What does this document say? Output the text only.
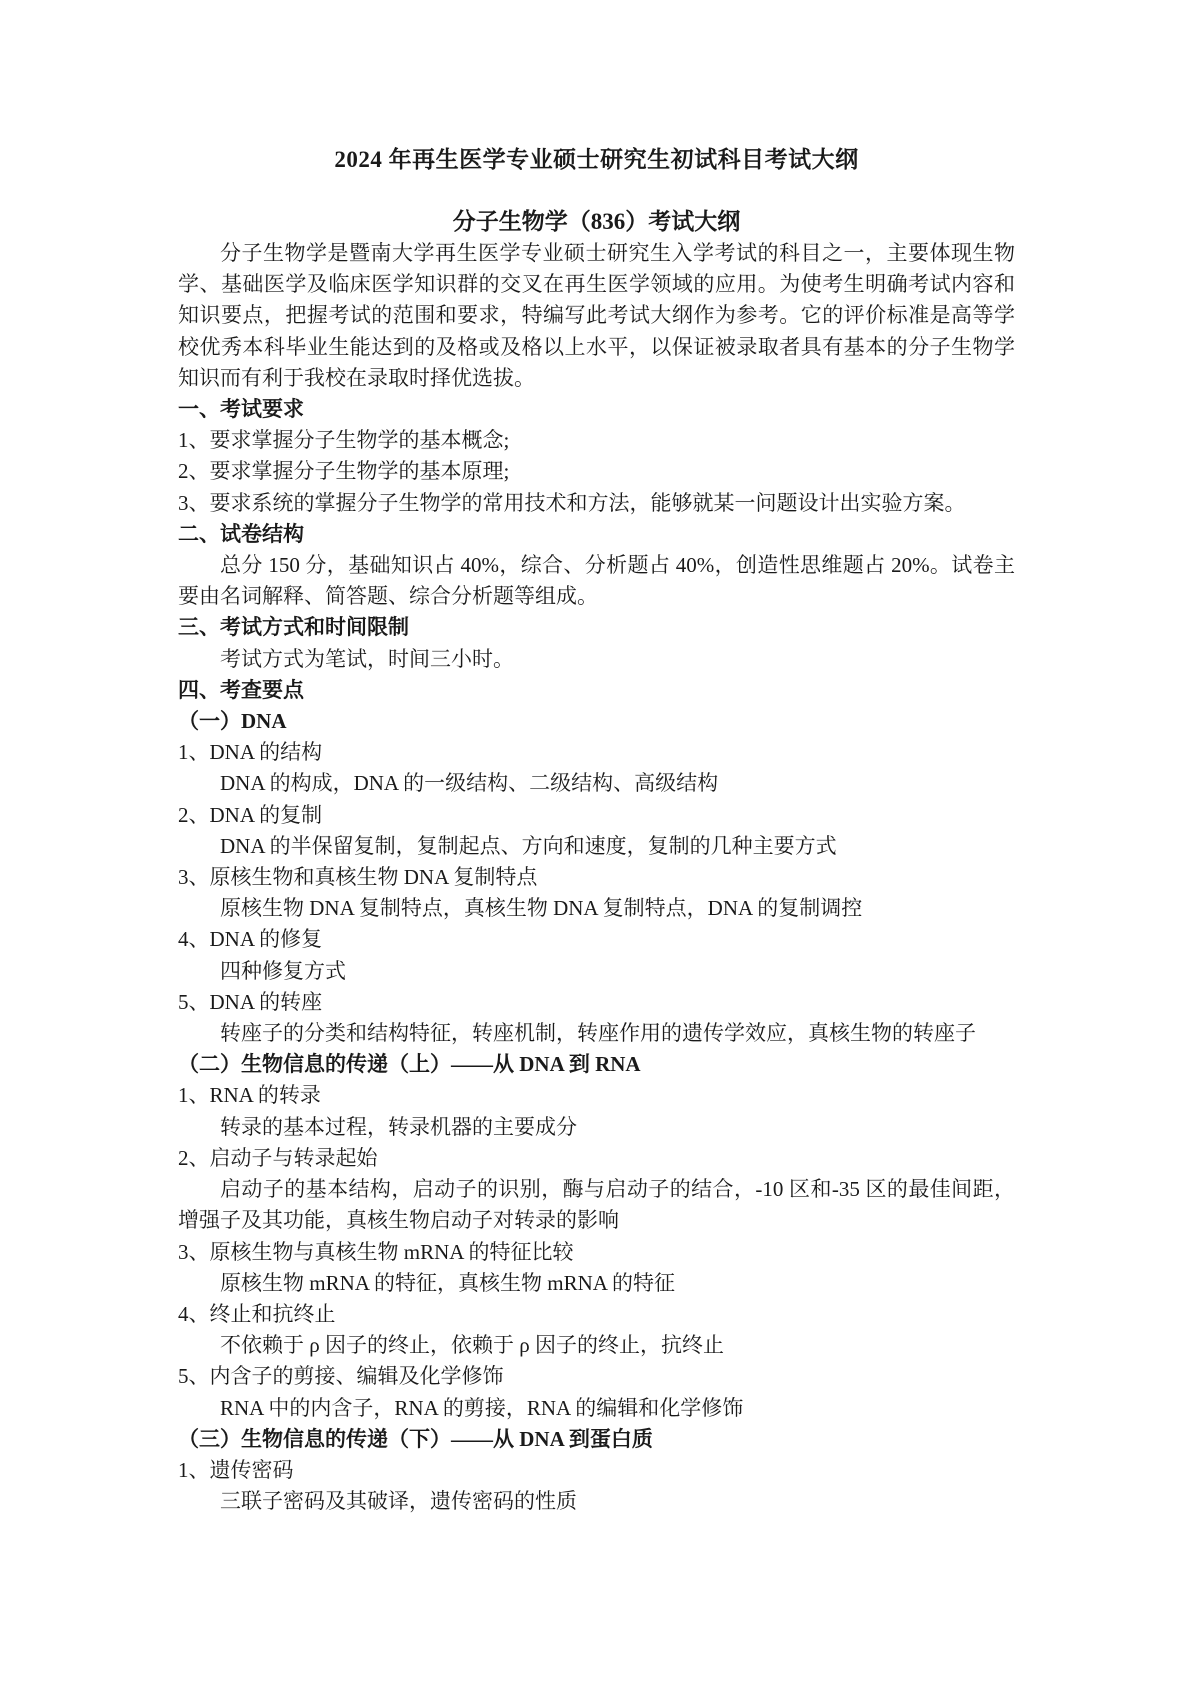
2024 年再生医学专业硕士研究生初试科目考试大纲
分子生物学（836）考试大纲

分子生物学是暨南大学再生医学专业硕士研究生入学考试的科目之一，主要体现生物学、基础医学及临床医学知识群的交叉在再生医学领域的应用。为使考生明确考试内容和知识要点，把握考试的范围和要求，特编写此考试大纲作为参考。它的评价标准是高等学校优秀本科毕业生能达到的及格或及格以上水平，以保证被录取者具有基本的分子生物学知识而有利于我校在录取时择优选拔。

一、考试要求
1、要求掌握分子生物学的基本概念;
2、要求掌握分子生物学的基本原理;
3、要求系统的掌握分子生物学的常用技术和方法，能够就某一问题设计出实验方案。
二、试卷结构
总分 150 分，基础知识占 40%，综合、分析题占 40%，创造性思维题占 20%。试卷主要由名词解释、简答题、综合分析题等组成。
三、考试方式和时间限制
考试方式为笔试，时间三小时。
四、考查要点
（一）DNA
1、DNA 的结构
DNA 的构成，DNA 的一级结构、二级结构、高级结构
2、DNA 的复制
DNA 的半保留复制，复制起点、方向和速度，复制的几种主要方式
3、原核生物和真核生物 DNA 复制特点
原核生物 DNA 复制特点，真核生物 DNA 复制特点，DNA 的复制调控
4、DNA 的修复
四种修复方式
5、DNA 的转座
转座子的分类和结构特征，转座机制，转座作用的遗传学效应，真核生物的转座子
（二）生物信息的传递（上）——从 DNA 到 RNA
1、RNA 的转录
转录的基本过程，转录机器的主要成分
2、启动子与转录起始
启动子的基本结构，启动子的识别，酶与启动子的结合，-10 区和-35 区的最佳间距，增强子及其功能，真核生物启动子对转录的影响
3、原核生物与真核生物 mRNA 的特征比较
原核生物 mRNA 的特征，真核生物 mRNA 的特征
4、终止和抗终止
不依赖于 ρ 因子的终止，依赖于 ρ 因子的终止，抗终止
5、内含子的剪接、编辑及化学修饰
RNA 中的内含子，RNA 的剪接，RNA 的编辑和化学修饰
（三）生物信息的传递（下）——从 DNA 到蛋白质
1、遗传密码
三联子密码及其破译，遗传密码的性质
